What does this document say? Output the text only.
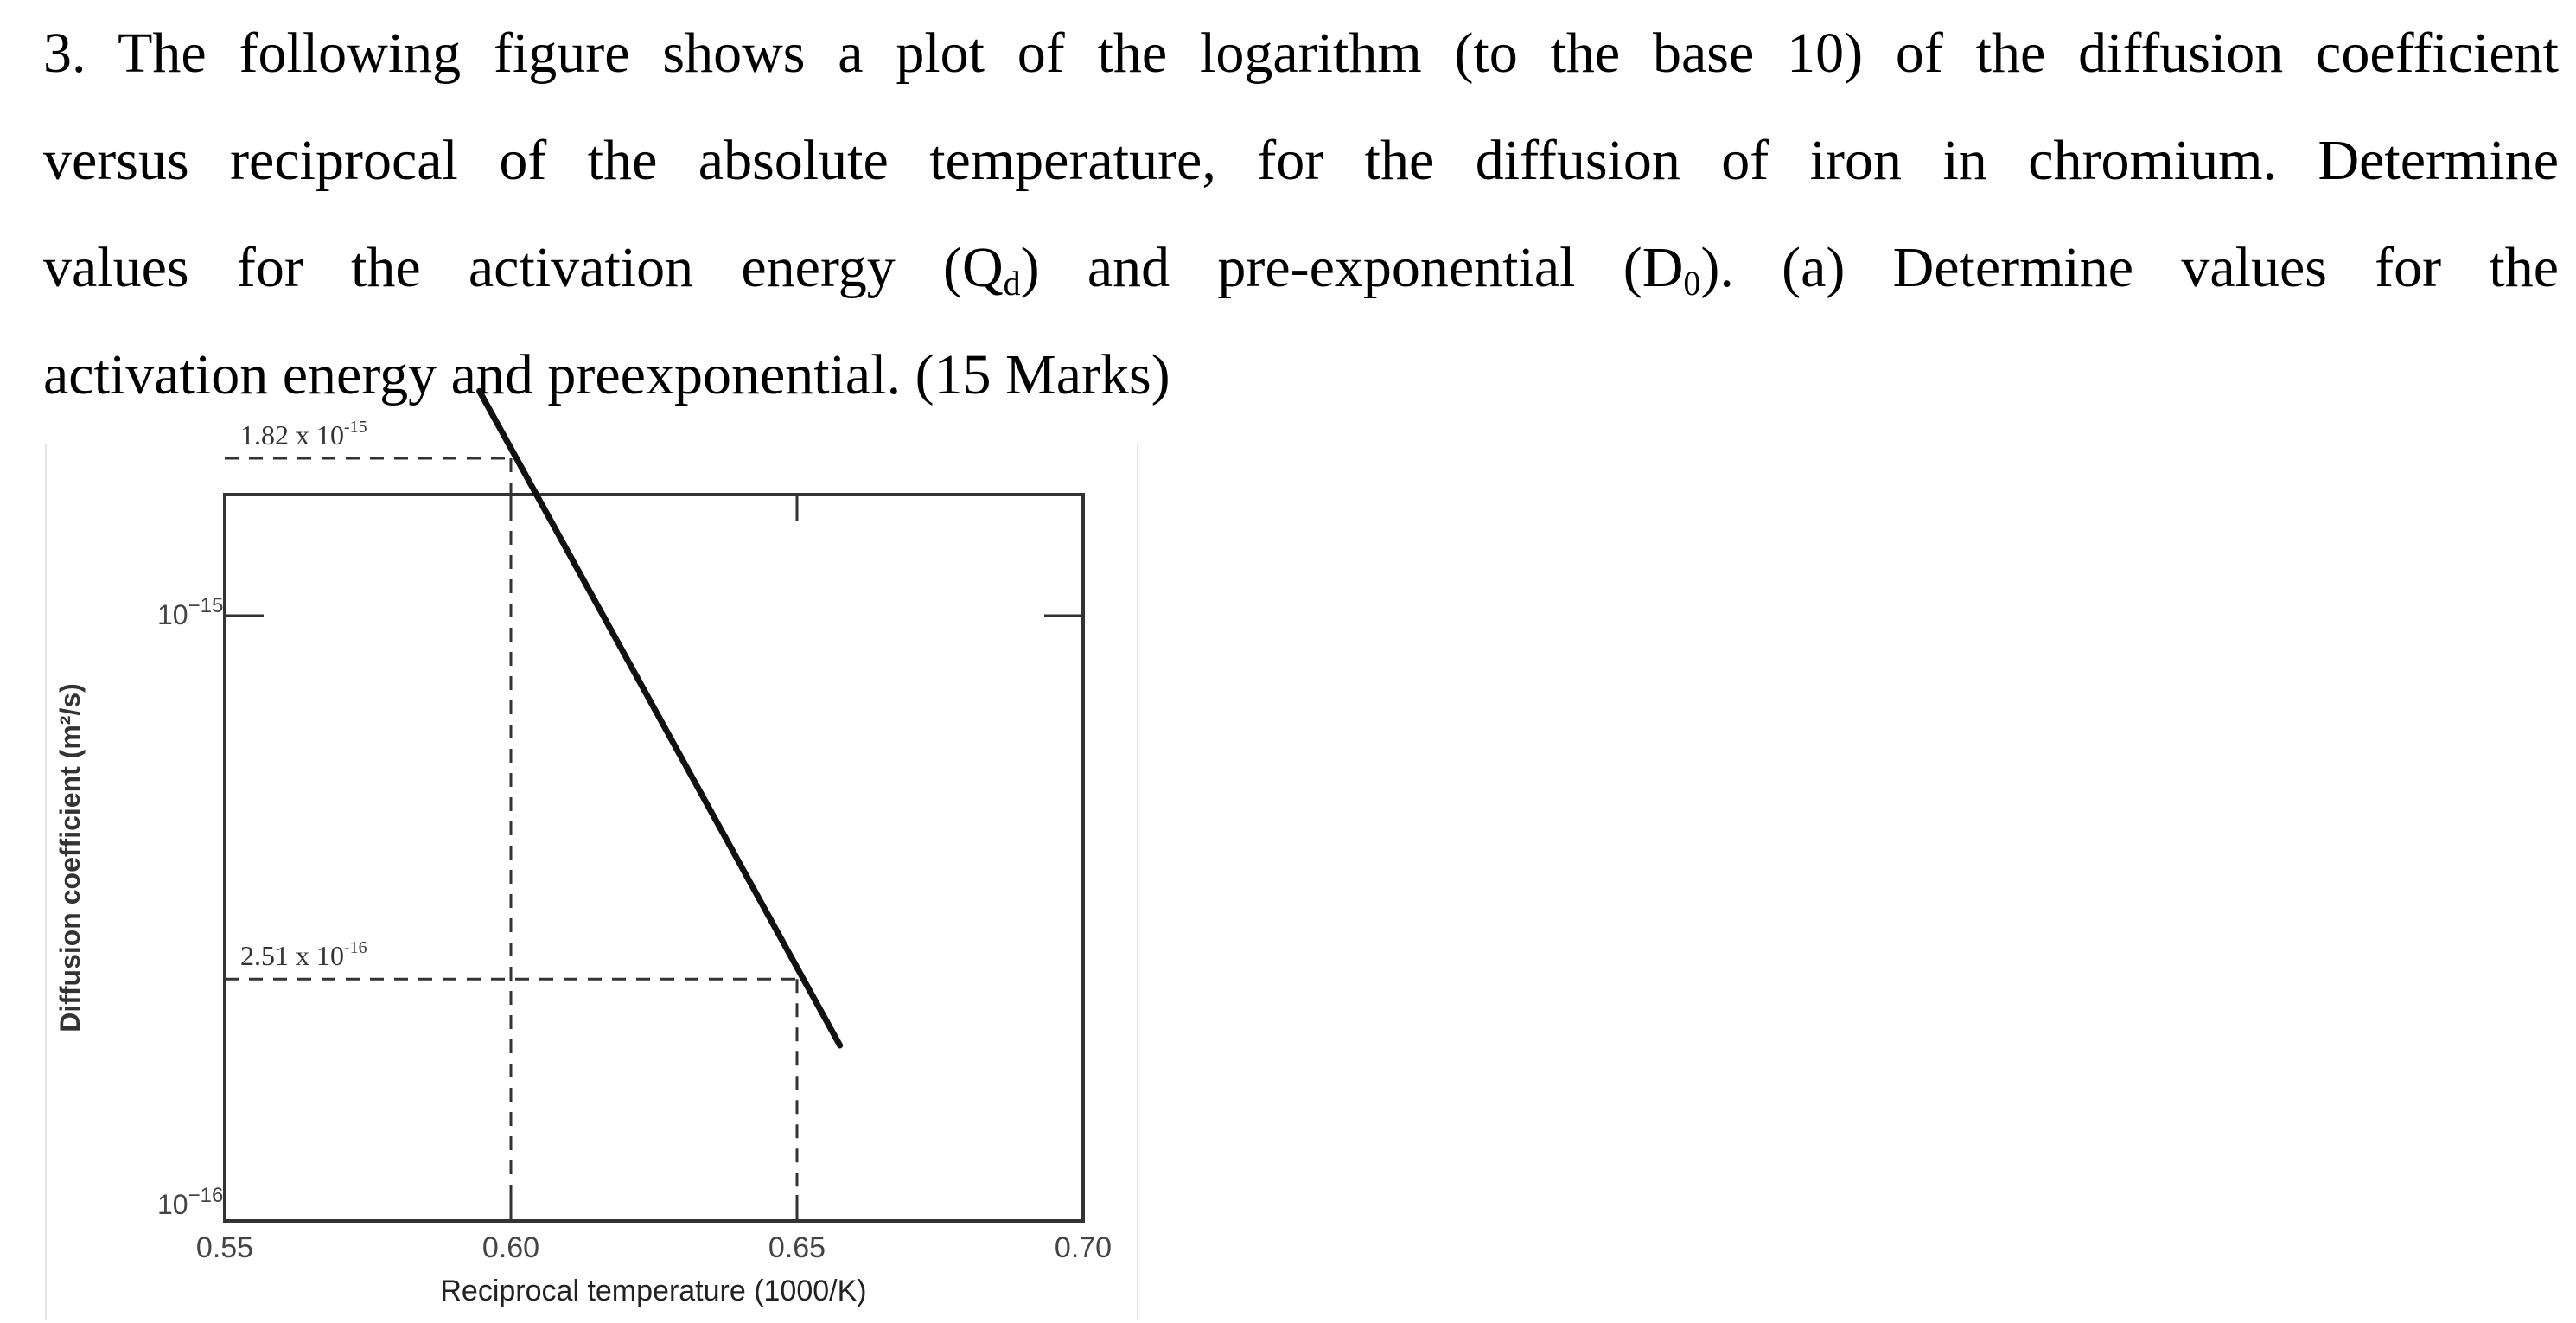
3. The following figure shows a plot of the logarithm (to the base 10) of the diffusion coefficient
versus reciprocal of the absolute temperature, for the diffusion of iron in chromium. Determine
values for the activation energy $(Q_d)$ and pre-exponential $(D_0)$. (a) Determine values for the
activation energy and preexponential. (15 Marks)
0.55	0.60	0.65	0.70
$10^{-15}$
$10^{-16}$
1.82 x $10^{-15}$
2.51 x $10^{-16}$
Reciprocal temperature (1000/K)
Diffusion coefficient (m²/s)
